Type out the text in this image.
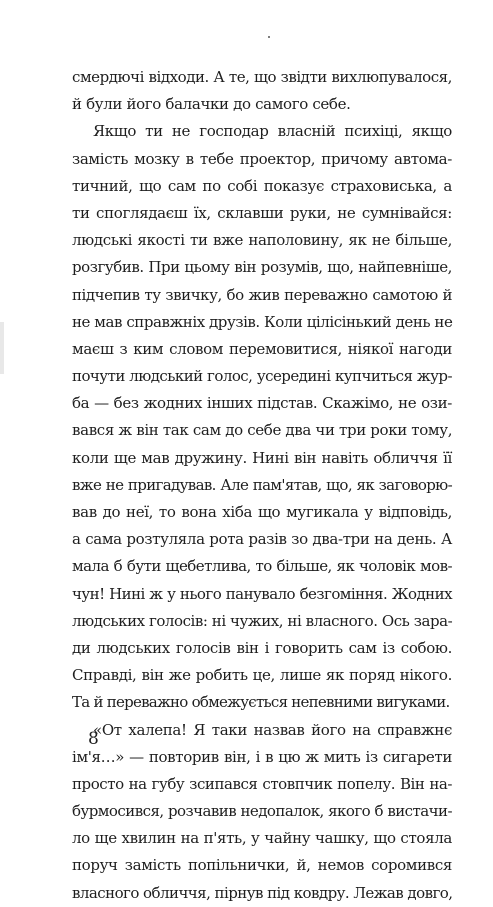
смердючі відходи. А те, що звідти вихлюпувалося,
й були його балачки до самого себе.
Якщо ти не господар власній психіці, якщо
замість мозку в тебе проектор, причому автома-
тичний, що сам по собі показує страховиська, а
ти споглядаєш їх, склавши руки, не сумнівайся:
людські якості ти вже наполовину, як не більше,
розгубив. При цьому він розумів, що, найпевніше,
підчепив ту звичку, бо жив переважно самотою й
не мав справжніх друзів. Коли цілісінький день не
маєш з ким словом перемовитися, ніякої нагоди
почути людський голос, усередині купчиться жур-
ба — без жодних інших підстав. Скажімо, не ози-
вався ж він так сам до себе два чи три роки тому,
коли ще мав дружину. Нині він навіть обличчя її
вже не пригадував. Але пам'ятав, що, як заговорю-
вав до неї, то вона хіба що мугикала у відповідь,
а сама розтуляла рота разів зо два-три на день. А
мала б бути щебетлива, то більше, як чоловік мов-
чун! Нині ж у нього панувало безгоміння. Жодних
людських голосів: ні чужих, ні власного. Ось зара-
ди людських голосів він і говорить сам із собою.
Справді, він же робить це, лише як поряд нікого.
Та й переважно обмежується непевними вигуками.
«От халепа! Я таки назвав його на справжнє
ім'я…» — повторив він, і в цю ж мить із сигарети
просто на губу зсипався стовпчик попелу. Він на-
бурмосився, розчавив недопалок, якого б вистачи-
ло ще хвилин на п'ять, у чайну чашку, що стояла
поруч замість попільнички, й, немов соромився
власного обличчя, пірнув під ковдру. Лежав довго,
8
